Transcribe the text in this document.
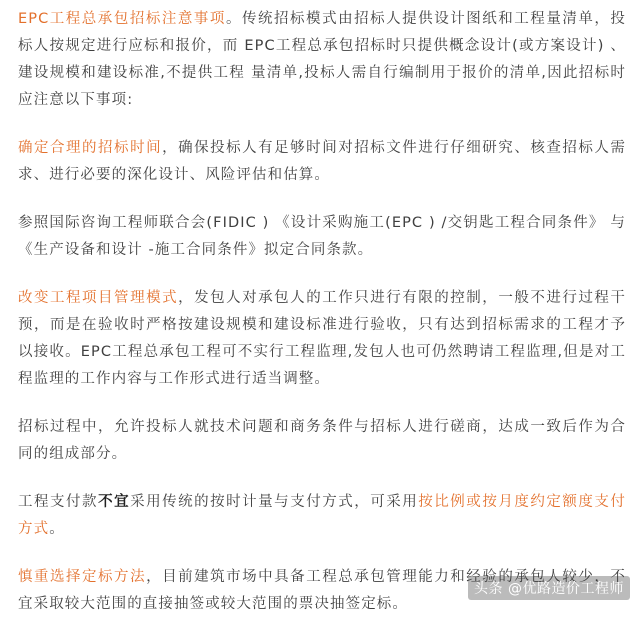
EPC工程总承包招标注意事项。传统招标模式由招标人提供设计图纸和工程量清单，投标人按规定进行应标和报价，而 EPC工程总承包招标时只提供概念设计(或方案设计) 、建设规模和建设标准,不提供工程 量清单,投标人需自行编制用于报价的清单,因此招标时应注意以下事项:

确定合理的招标时间，确保投标人有足够时间对招标文件进行仔细研究、核查招标人需求、进行必要的深化设计、风险评估和估算。

参照国际咨询工程师联合会(FIDIC ) 《设计采购施工(EPC ) /交钥匙工程合同条件》 与《生产设备和设计 -施工合同条件》拟定合同条款。

改变工程项目管理模式，发包人对承包人的工作只进行有限的控制，一般不进行过程干预，而是在验收时严格按建设规模和建设标准进行验收，只有达到招标需求的工程才予以接收。EPC工程总承包工程可不实行工程监理,发包人也可仍然聘请工程监理,但是对工程监理的工作内容与工作形式进行适当调整。

招标过程中，允许投标人就技术问题和商务条件与招标人进行磋商，达成一致后作为合同的组成部分。

工程支付款不宜采用传统的按时计量与支付方式，可采用按比例或按月度约定额度支付方式。

慎重选择定标方法，目前建筑市场中具备工程总承包管理能力和经验的承包人较少，不宜采取较大范围的直接抽签或较大范围的票决抽签定标。

头条 @优路造价工程师
